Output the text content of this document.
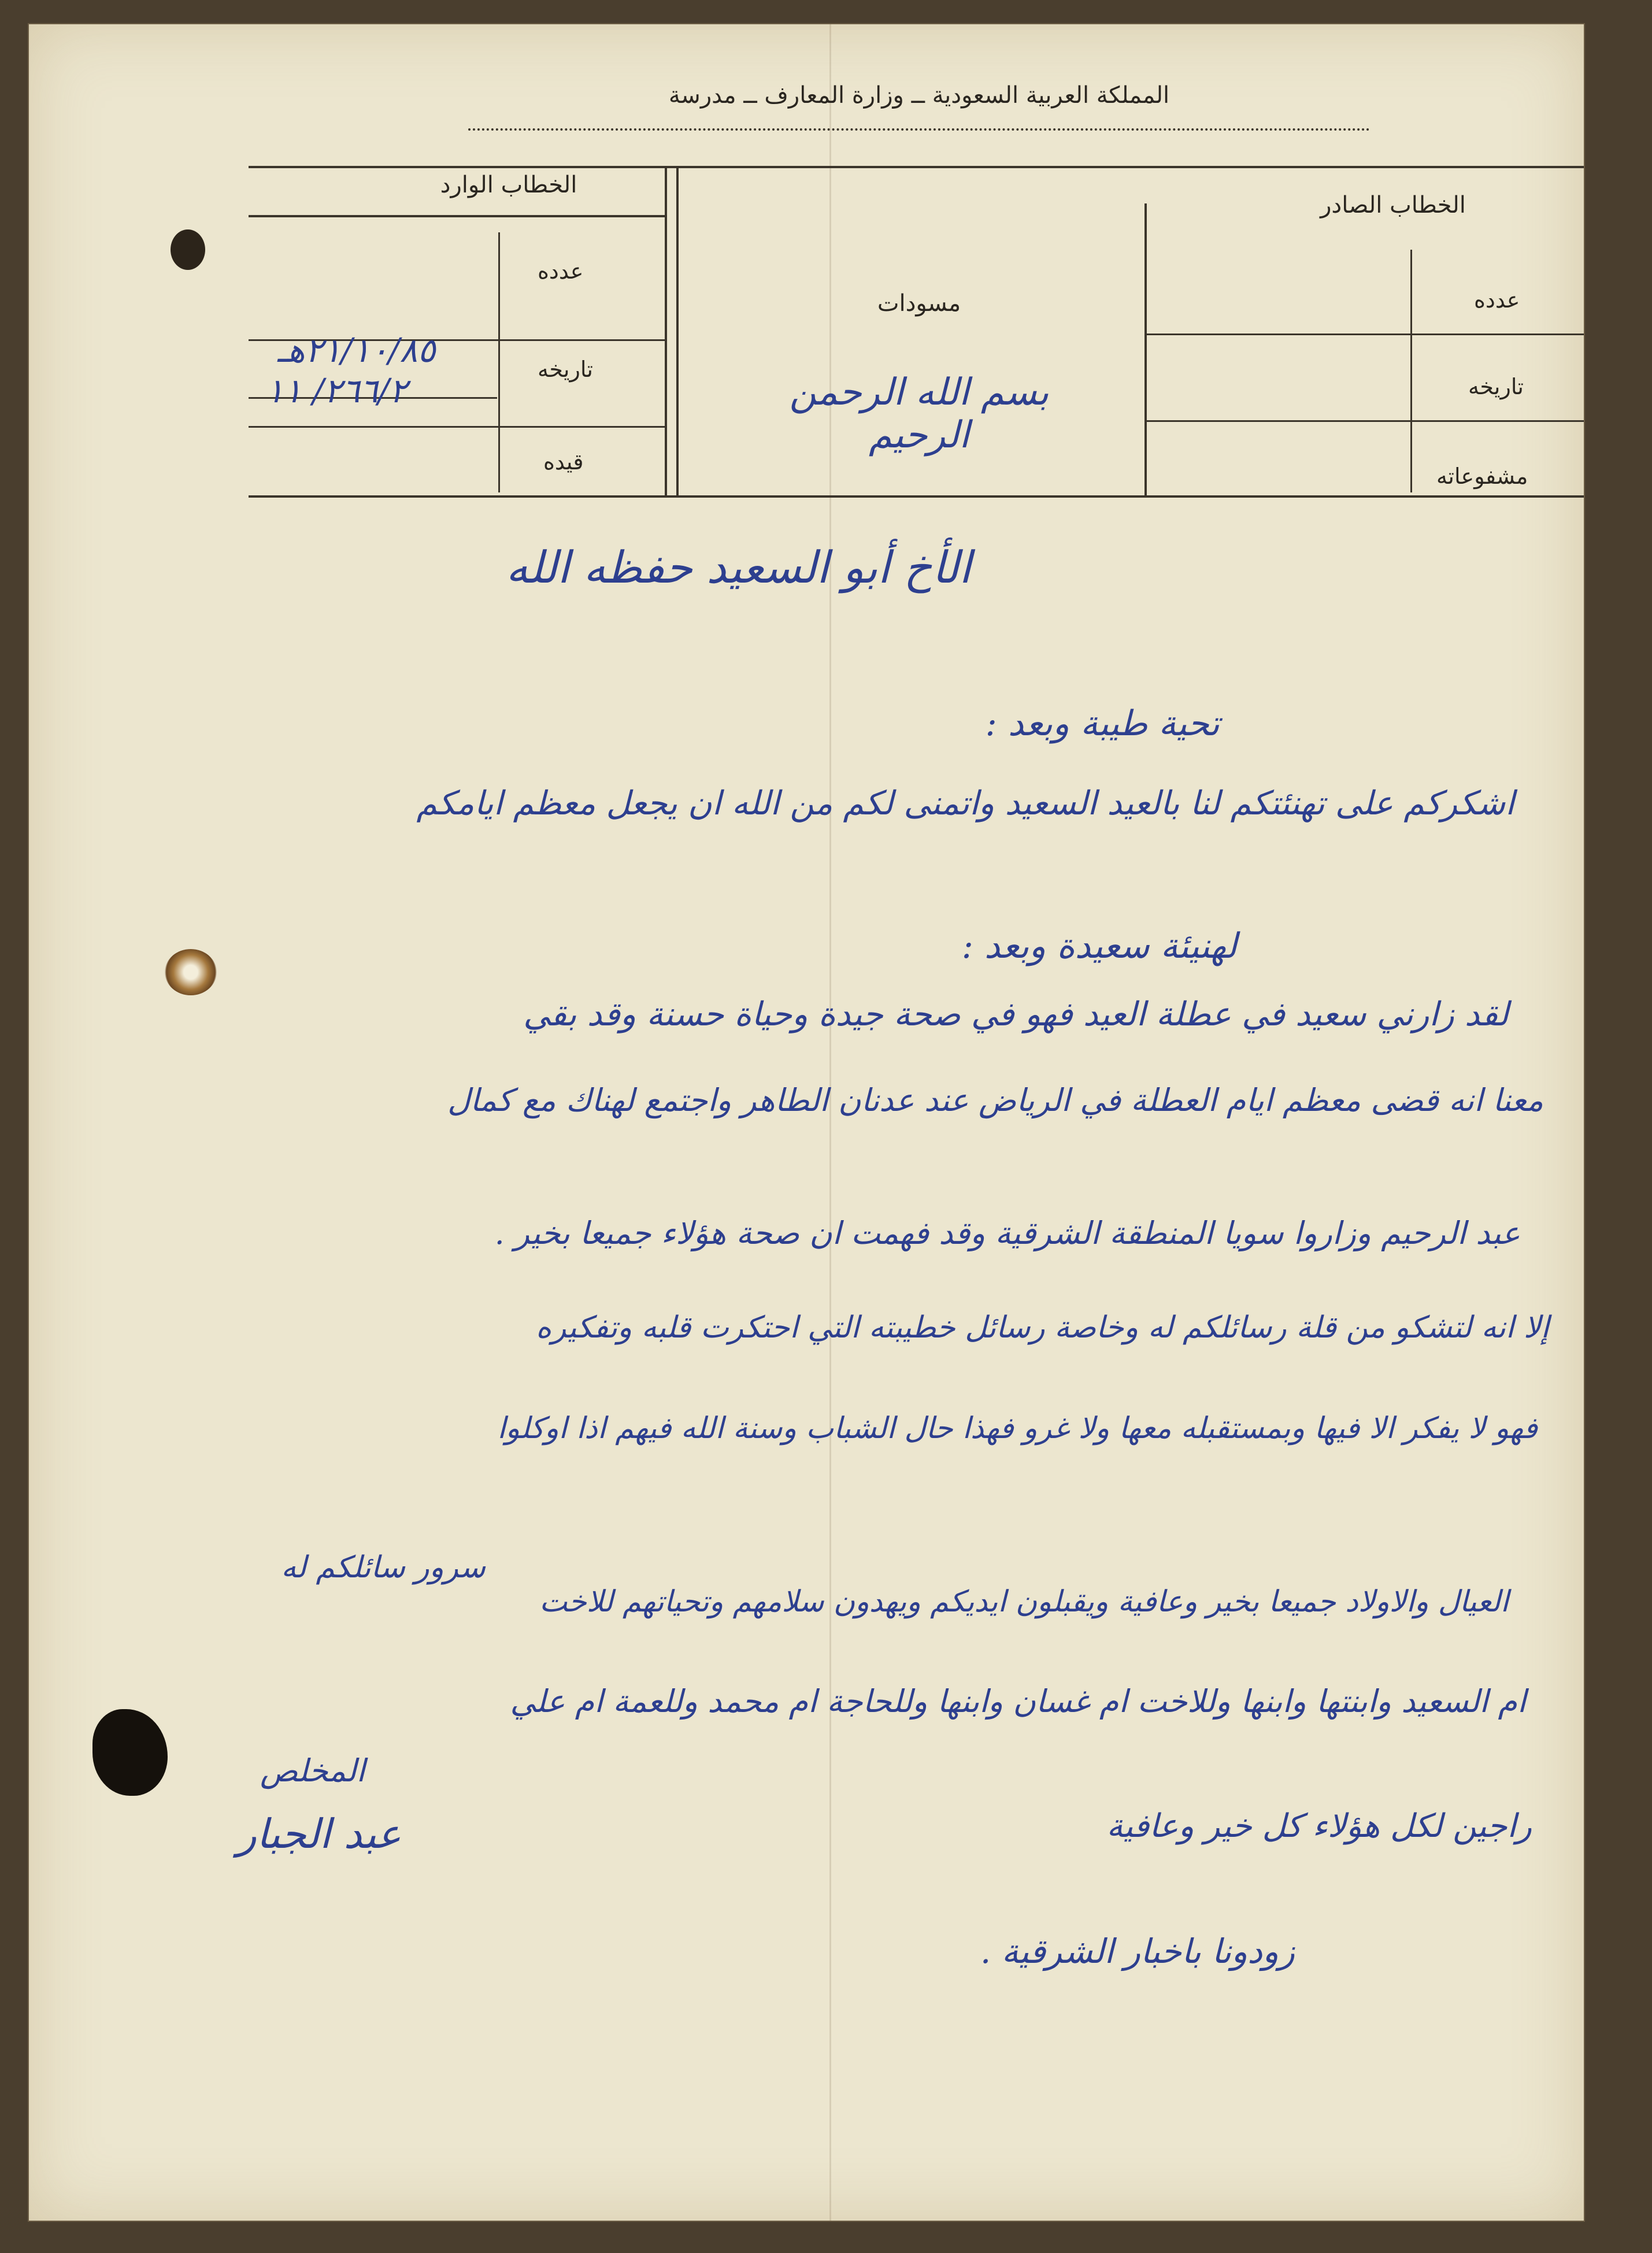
المملكة العربية السعودية ــ وزارة المعارف ــ مدرسة
الخطاب الوارد
عدده
تاريخه
قيده
٢١/١٠/٨٥هـ
٢٦٦/٢/ ١١
مسودات
بسم الله الرحمن الرحيم
الخطاب الصادر
عدده
تاريخه
مشفوعاته
الأخ أبو السعيد حفظه الله
تحية طيبة وبعد :
اشكركم على تهنئتكم لنا بالعيد السعيد واتمنى لكم من الله ان يجعل معظم ايامكم
لهنيئة سعيدة وبعد :
لقد زارني سعيد في عطلة العيد فهو في صحة جيدة وحياة حسنة وقد بقي
معنا انه قضى معظم ايام العطلة في الرياض عند عدنان الطاهر واجتمع لهناك مع كمال
عبد الرحيم وزاروا سويا المنطقة الشرقية وقد فهمت ان صحة هؤلاء جميعا بخير .
إلا انه لتشكو من قلة رسائلكم له وخاصة رسائل خطيبته التي احتكرت قلبه وتفكيره
فهو لا يفكر الا فيها وبمستقبله معها ولا غرو فهذا حال الشباب وسنة الله فيهم اذا اوكلوا
سرور سائلكم له
العيال والاولاد جميعا بخير وعافية ويقبلون ايديكم ويهدون سلامهم وتحياتهم للاخت
ام السعيد وابنتها وابنها وللاخت ام غسان وابنها وللحاجة ام محمد وللعمة ام علي
راجين لكل هؤلاء كل خير وعافية
زودونا باخبار الشرقية .
المخلص
عبد الجبار
